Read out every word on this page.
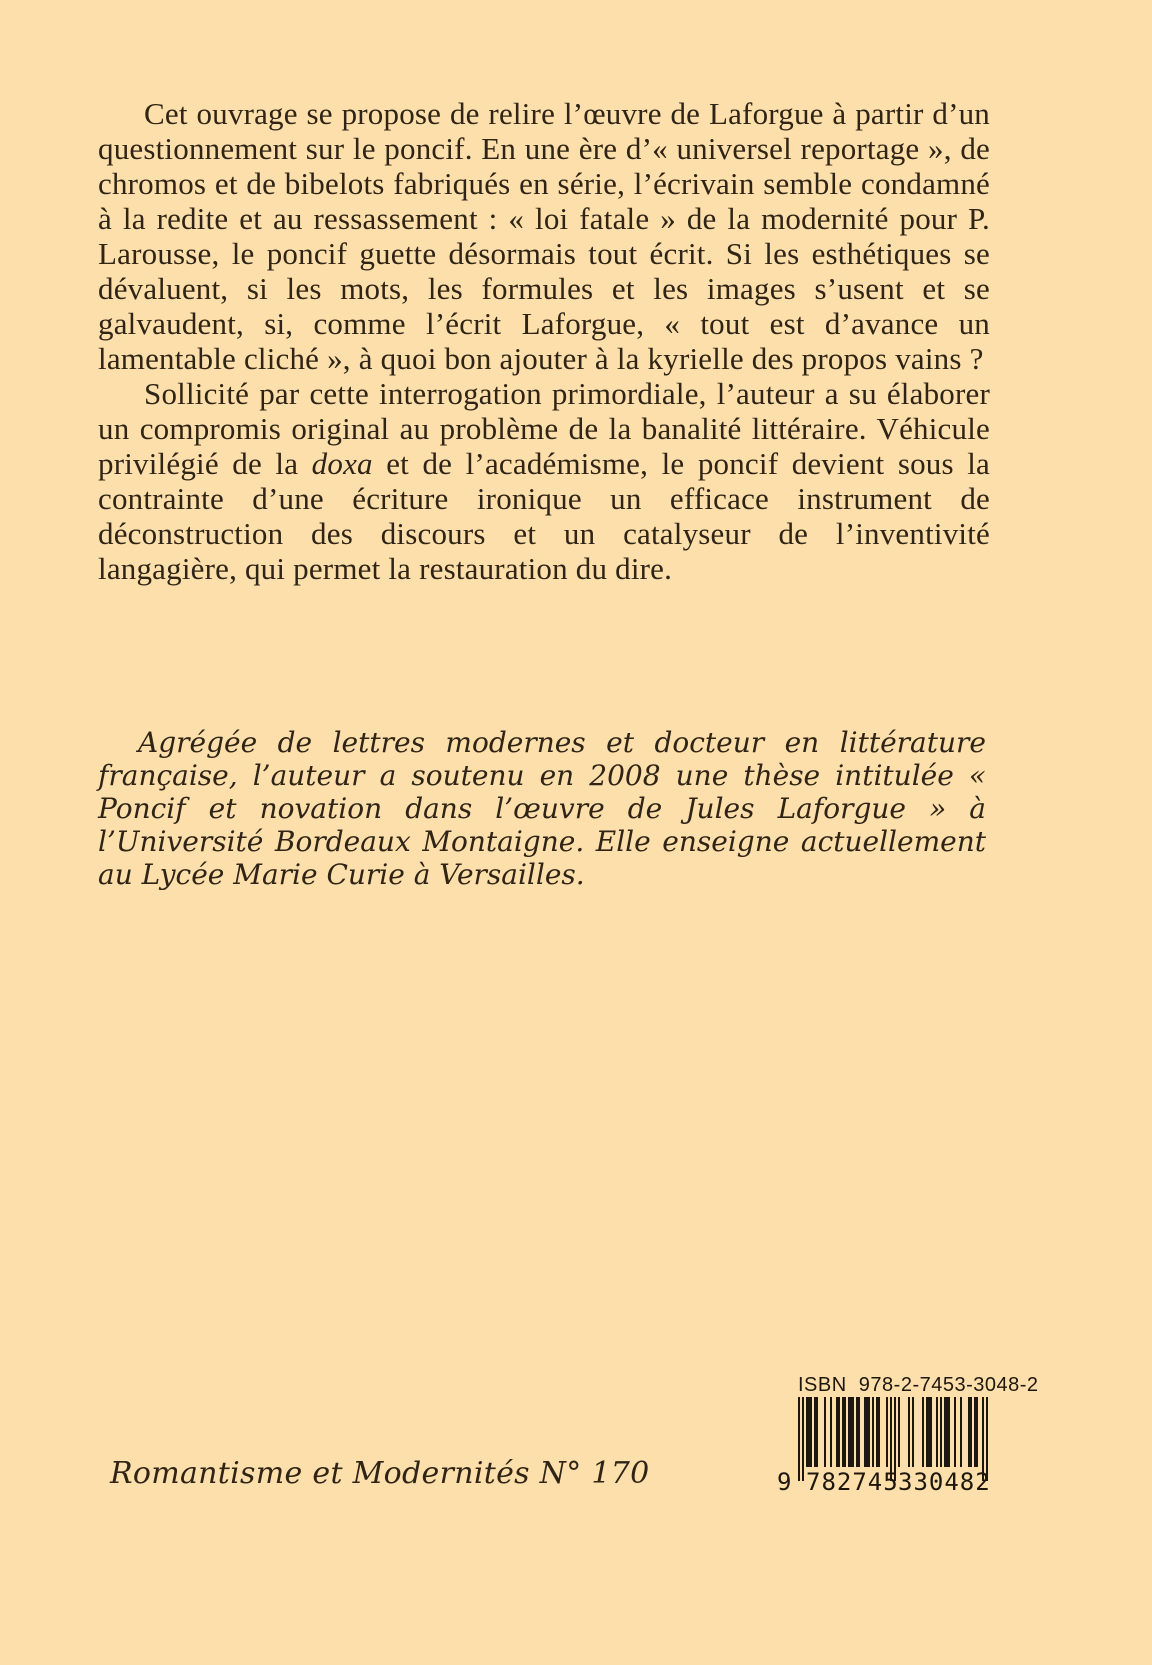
Cet ouvrage se propose de relire l’œuvre de Laforgue à partir d’un questionnement sur le poncif. En une ère d’« universel reportage », de chromos et de bibelots fabriqués en série, l’écrivain semble condamné à la redite et au ressassement : « loi fatale » de la modernité pour P. Larousse, le poncif guette désormais tout écrit. Si les esthétiques se dévaluent, si les mots, les formules et les images s’usent et se galvaudent, si, comme l’écrit Laforgue, « tout est d’avance un lamentable cliché », à quoi bon ajouter à la kyrielle des propos vains ?

Sollicité par cette interrogation primordiale, l’auteur a su élaborer un compromis original au problème de la banalité littéraire. Véhicule privilégié de la doxa et de l’académisme, le poncif devient sous la contrainte d’une écriture ironique un efficace instrument de déconstruction des discours et un catalyseur de l’inventivité langagière, qui permet la restauration du dire.

Agrégée de lettres modernes et docteur en littérature française, l’auteur a soutenu en 2008 une thèse intitulée « Poncif et novation dans l’œuvre de Jules Laforgue » à l’Université Bordeaux Montaigne. Elle enseigne actuellement au Lycée Marie Curie à Versailles.

ISBN  978-2-7453-3048-2
9 782745 330482
Romantisme et Modernités N° 170
